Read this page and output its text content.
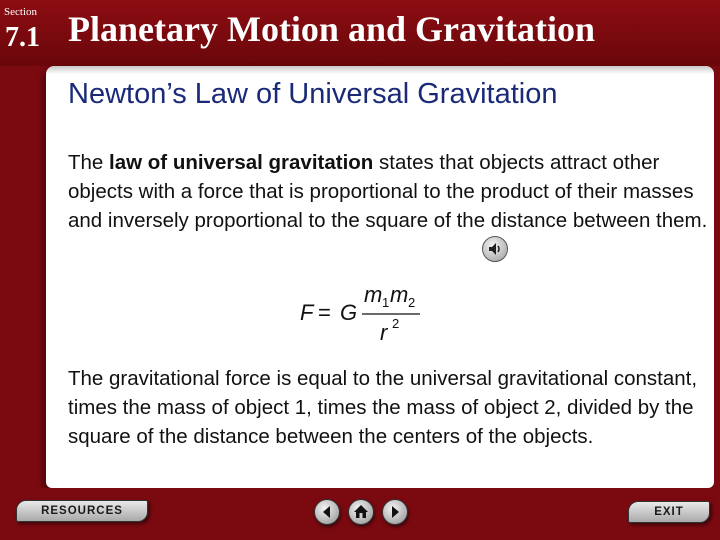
Section
7.1 Planetary Motion and Gravitation
Newton’s Law of Universal Gravitation
The law of universal gravitation states that objects attract other objects with a force that is proportional to the product of their masses and inversely proportional to the square of the distance between them.
F = G
m 1 m 2
r 2
The gravitational force is equal to the universal gravitational constant, times the mass of object 1, times the mass of object 2, divided by the square of the distance between the centers of the objects.
RESOURCES	EXIT
